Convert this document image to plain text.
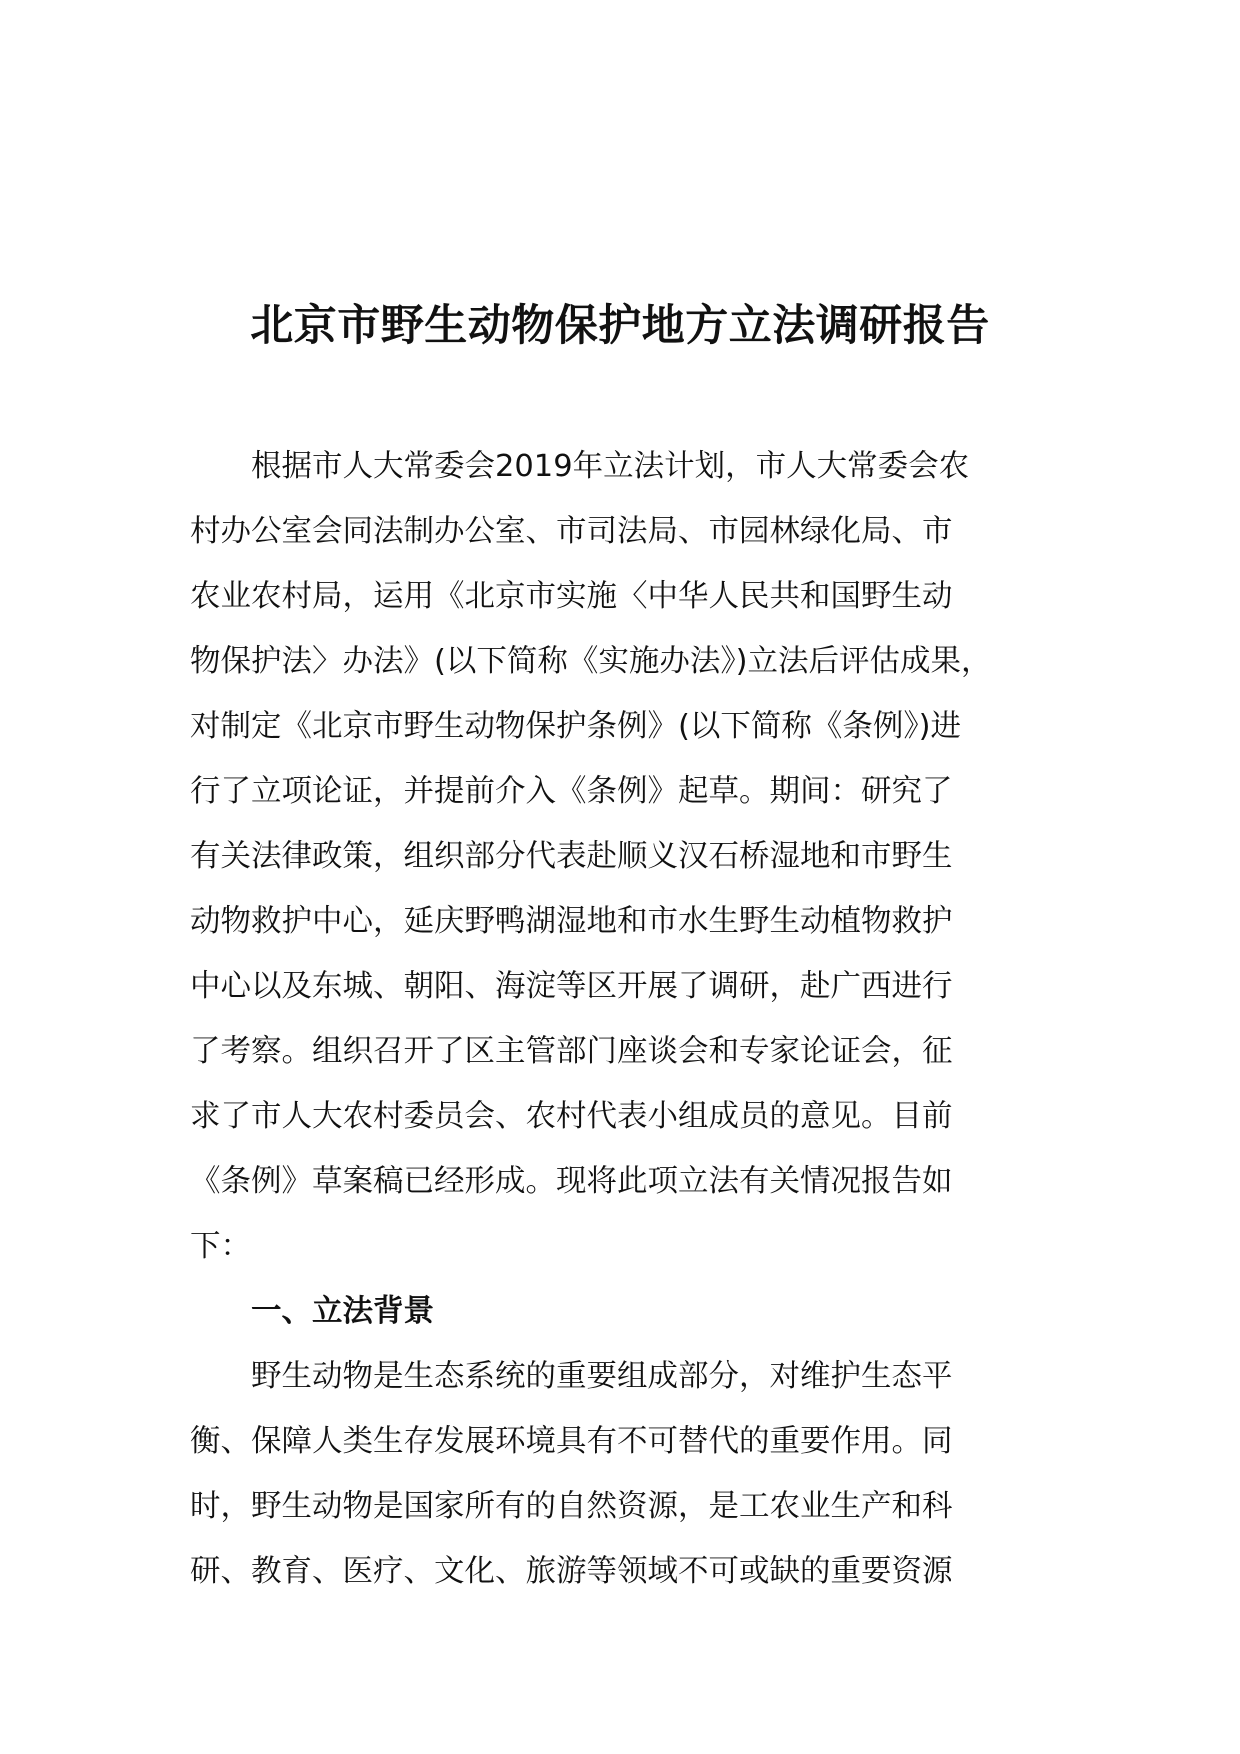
北京市野生动物保护地方立法调研报告

根据市人大常委会2019年立法计划，市人大常委会农
村办公室会同法制办公室、市司法局、市园林绿化局、市
农业农村局，运用《北京市实施〈中华人民共和国野生动
物保护法〉办法》(以下简称《实施办法》)立法后评估成果，
对制定《北京市野生动物保护条例》(以下简称《条例》)进
行了立项论证，并提前介入《条例》起草。期间：研究了
有关法律政策，组织部分代表赴顺义汉石桥湿地和市野生
动物救护中心，延庆野鸭湖湿地和市水生野生动植物救护
中心以及东城、朝阳、海淀等区开展了调研，赴广西进行
了考察。组织召开了区主管部门座谈会和专家论证会，征
求了市人大农村委员会、农村代表小组成员的意见。目前
《条例》草案稿已经形成。现将此项立法有关情况报告如
下：

一、立法背景

野生动物是生态系统的重要组成部分，对维护生态平
衡、保障人类生存发展环境具有不可替代的重要作用。同
时，野生动物是国家所有的自然资源，是工农业生产和科
研、教育、医疗、文化、旅游等领域不可或缺的重要资源
